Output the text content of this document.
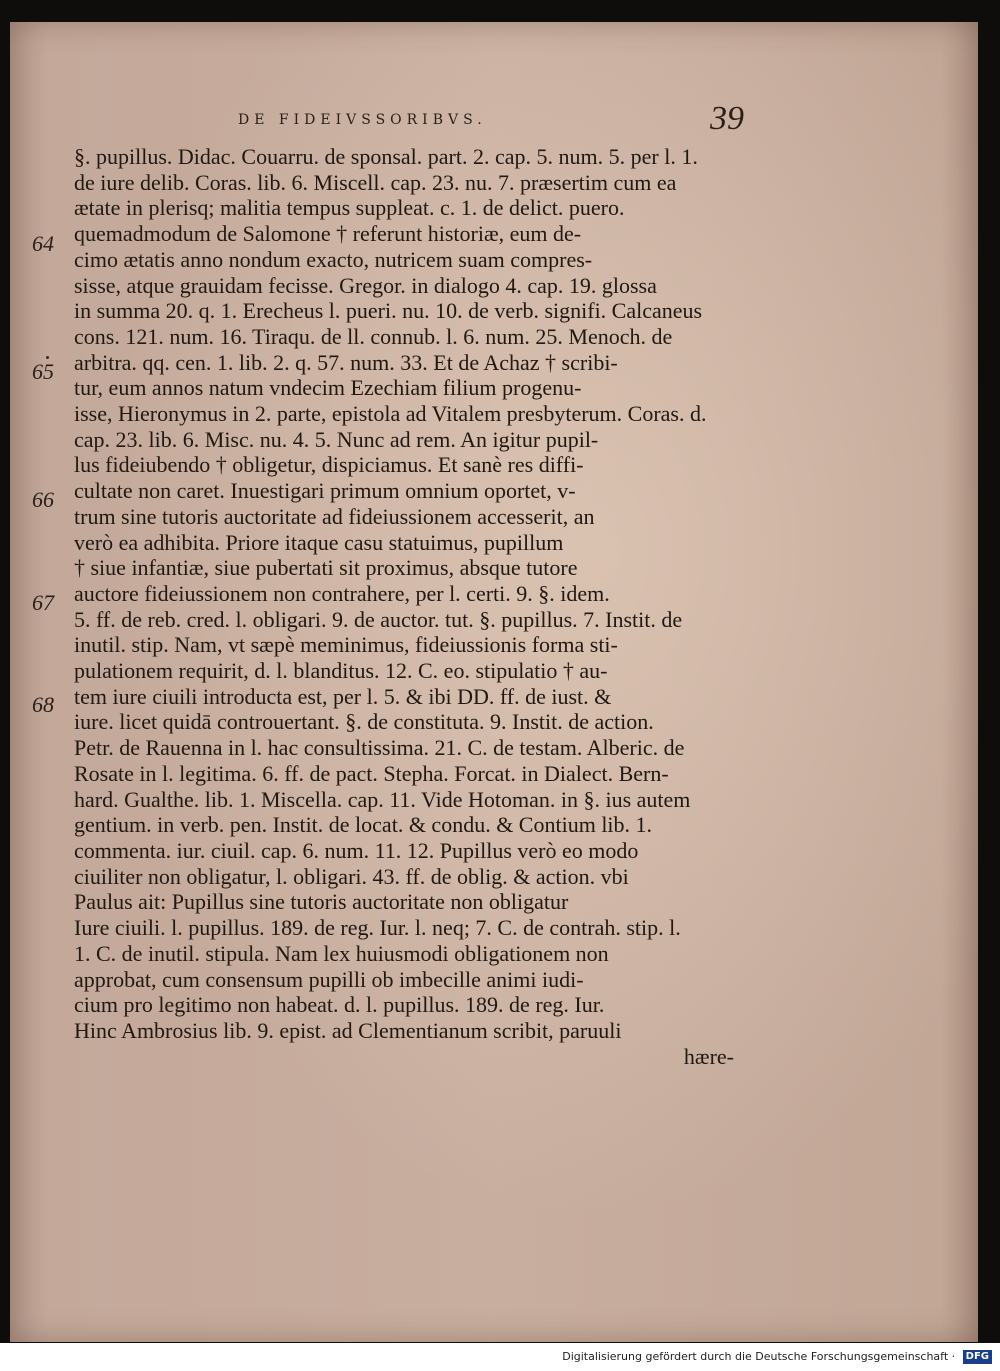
DE FIDEIVSSORIBVS.	39
64
65
66
67
68
§. pupillus. Didac. Couarru. de sponsal. part. 2. cap. 5. num. 5. per l. 1.
de iure delib. Coras. lib. 6. Miscell. cap. 23. nu. 7. præsertim cum ea
ætate in plerisq; malitia tempus suppleat. c. 1. de delict. puero.
quemadmodum de Salomone † referunt historiæ, eum de-
cimo ætatis anno nondum exacto, nutricem suam compres-
sisse, atque grauidam fecisse. Gregor. in dialogo 4. cap. 19. glossa
in summa 20. q. 1. Erecheus l. pueri. nu. 10. de verb. signifi. Calcaneus
cons. 121. num. 16. Tiraqu. de ll. connub. l. 6. num. 25. Menoch. de
arbitra. qq. cen. 1. lib. 2. q. 57. num. 33. Et de Achaz † scribi-
tur, eum annos natum vndecim Ezechiam filium progenu-
isse, Hieronymus in 2. parte, epistola ad Vitalem presbyterum. Coras. d.
cap. 23. lib. 6. Misc. nu. 4. 5. Nunc ad rem. An igitur pupil-
lus fideiubendo † obligetur, dispiciamus. Et sanè res diffi-
cultate non caret. Inuestigari primum omnium oportet, v-
trum sine tutoris auctoritate ad fideiussionem accesserit, an
verò ea adhibita. Priore itaque casu statuimus, pupillum
† siue infantiæ, siue pubertati sit proximus, absque tutore
auctore fideiussionem non contrahere, per l. certi. 9. §. idem.
5. ff. de reb. cred. l. obligari. 9. de auctor. tut. §. pupillus. 7. Instit. de
inutil. stip. Nam, vt sæpè meminimus, fideiussionis forma sti-
pulationem requirit, d. l. blanditus. 12. C. eo. stipulatio † au-
tem iure ciuili introducta est, per l. 5. & ibi DD. ff. de iust. &
iure. licet quidā controuertant. §. de constituta. 9. Instit. de action.
Petr. de Rauenna in l. hac consultissima. 21. C. de testam. Alberic. de
Rosate in l. legitima. 6. ff. de pact. Stepha. Forcat. in Dialect. Bern-
hard. Gualthe. lib. 1. Miscella. cap. 11. Vide Hotoman. in §. ius autem
gentium. in verb. pen. Instit. de locat. & condu. & Contium lib. 1.
commenta. iur. ciuil. cap. 6. num. 11. 12. Pupillus verò eo modo
ciuiliter non obligatur, l. obligari. 43. ff. de oblig. & action. vbi
Paulus ait: Pupillus sine tutoris auctoritate non obligatur
Iure ciuili. l. pupillus. 189. de reg. Iur. l. neq; 7. C. de contrah. stip. l.
1. C. de inutil. stipula. Nam lex huiusmodi obligationem non
approbat, cum consensum pupilli ob imbecille animi iudi-
cium pro legitimo non habeat. d. l. pupillus. 189. de reg. Iur.
Hinc Ambrosius lib. 9. epist. ad Clementianum scribit, paruuli
hære-
Digitalisierung gefördert durch die Deutsche Forschungsgemeinschaft · DFG
